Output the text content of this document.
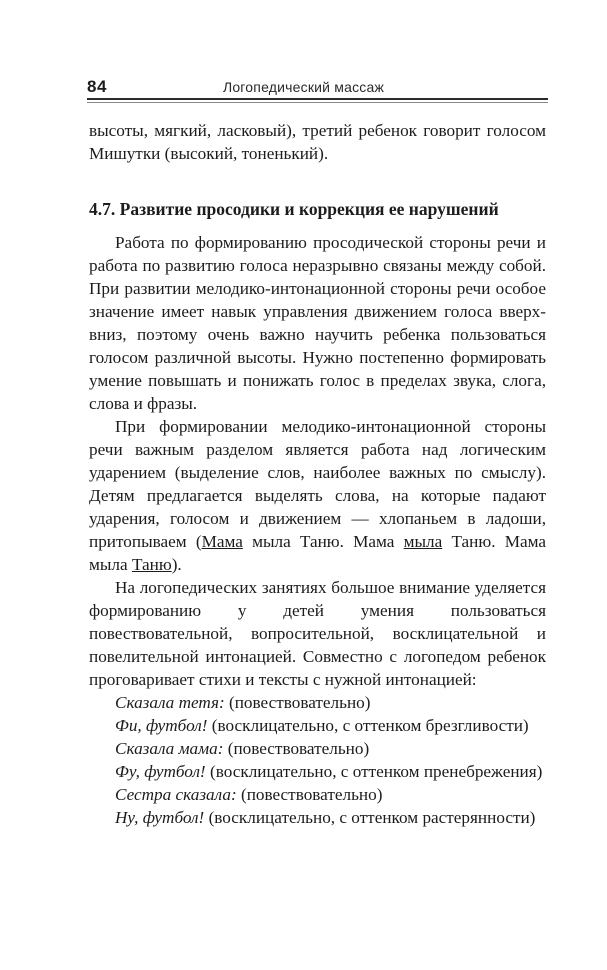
84	Логопедический массаж

высоты, мягкий, ласковый), третий ребенок говорит голосом Мишутки (высокий, тоненький).

4.7. Развитие просодики и коррекция ее нарушений

Работа по формированию просодической стороны речи и работа по развитию голоса неразрывно связаны между собой. При развитии мелодико-интонационной стороны речи особое значение имеет навык управления движением голоса вверх-вниз, поэтому очень важно научить ребенка пользоваться голосом различной высоты. Нужно постепенно формировать умение повышать и понижать голос в пределах звука, слога, слова и фразы.

При формировании мелодико-интонационной стороны речи важным разделом является работа над логическим ударением (выделение слов, наиболее важных по смыслу). Детям предлагается выделять слова, на которые падают ударения, голосом и движением — хлопаньем в ладоши, притопываем (Мама мыла Таню. Мама мыла Таню. Мама мыла Таню).

На логопедических занятиях большое внимание уделяется формированию у детей умения пользоваться повествовательной, вопросительной, восклицательной и повелительной интонацией. Совместно с логопедом ребенок проговаривает стихи и тексты с нужной интонацией:

Сказала тетя: (повествовательно)

Фи, футбол! (восклицательно, с оттенком брезгливости)

Сказала мама: (повествовательно)

Фу, футбол! (восклицательно, с оттенком пренебрежения)

Сестра сказала: (повествовательно)

Ну, футбол! (восклицательно, с оттенком растерянности)
